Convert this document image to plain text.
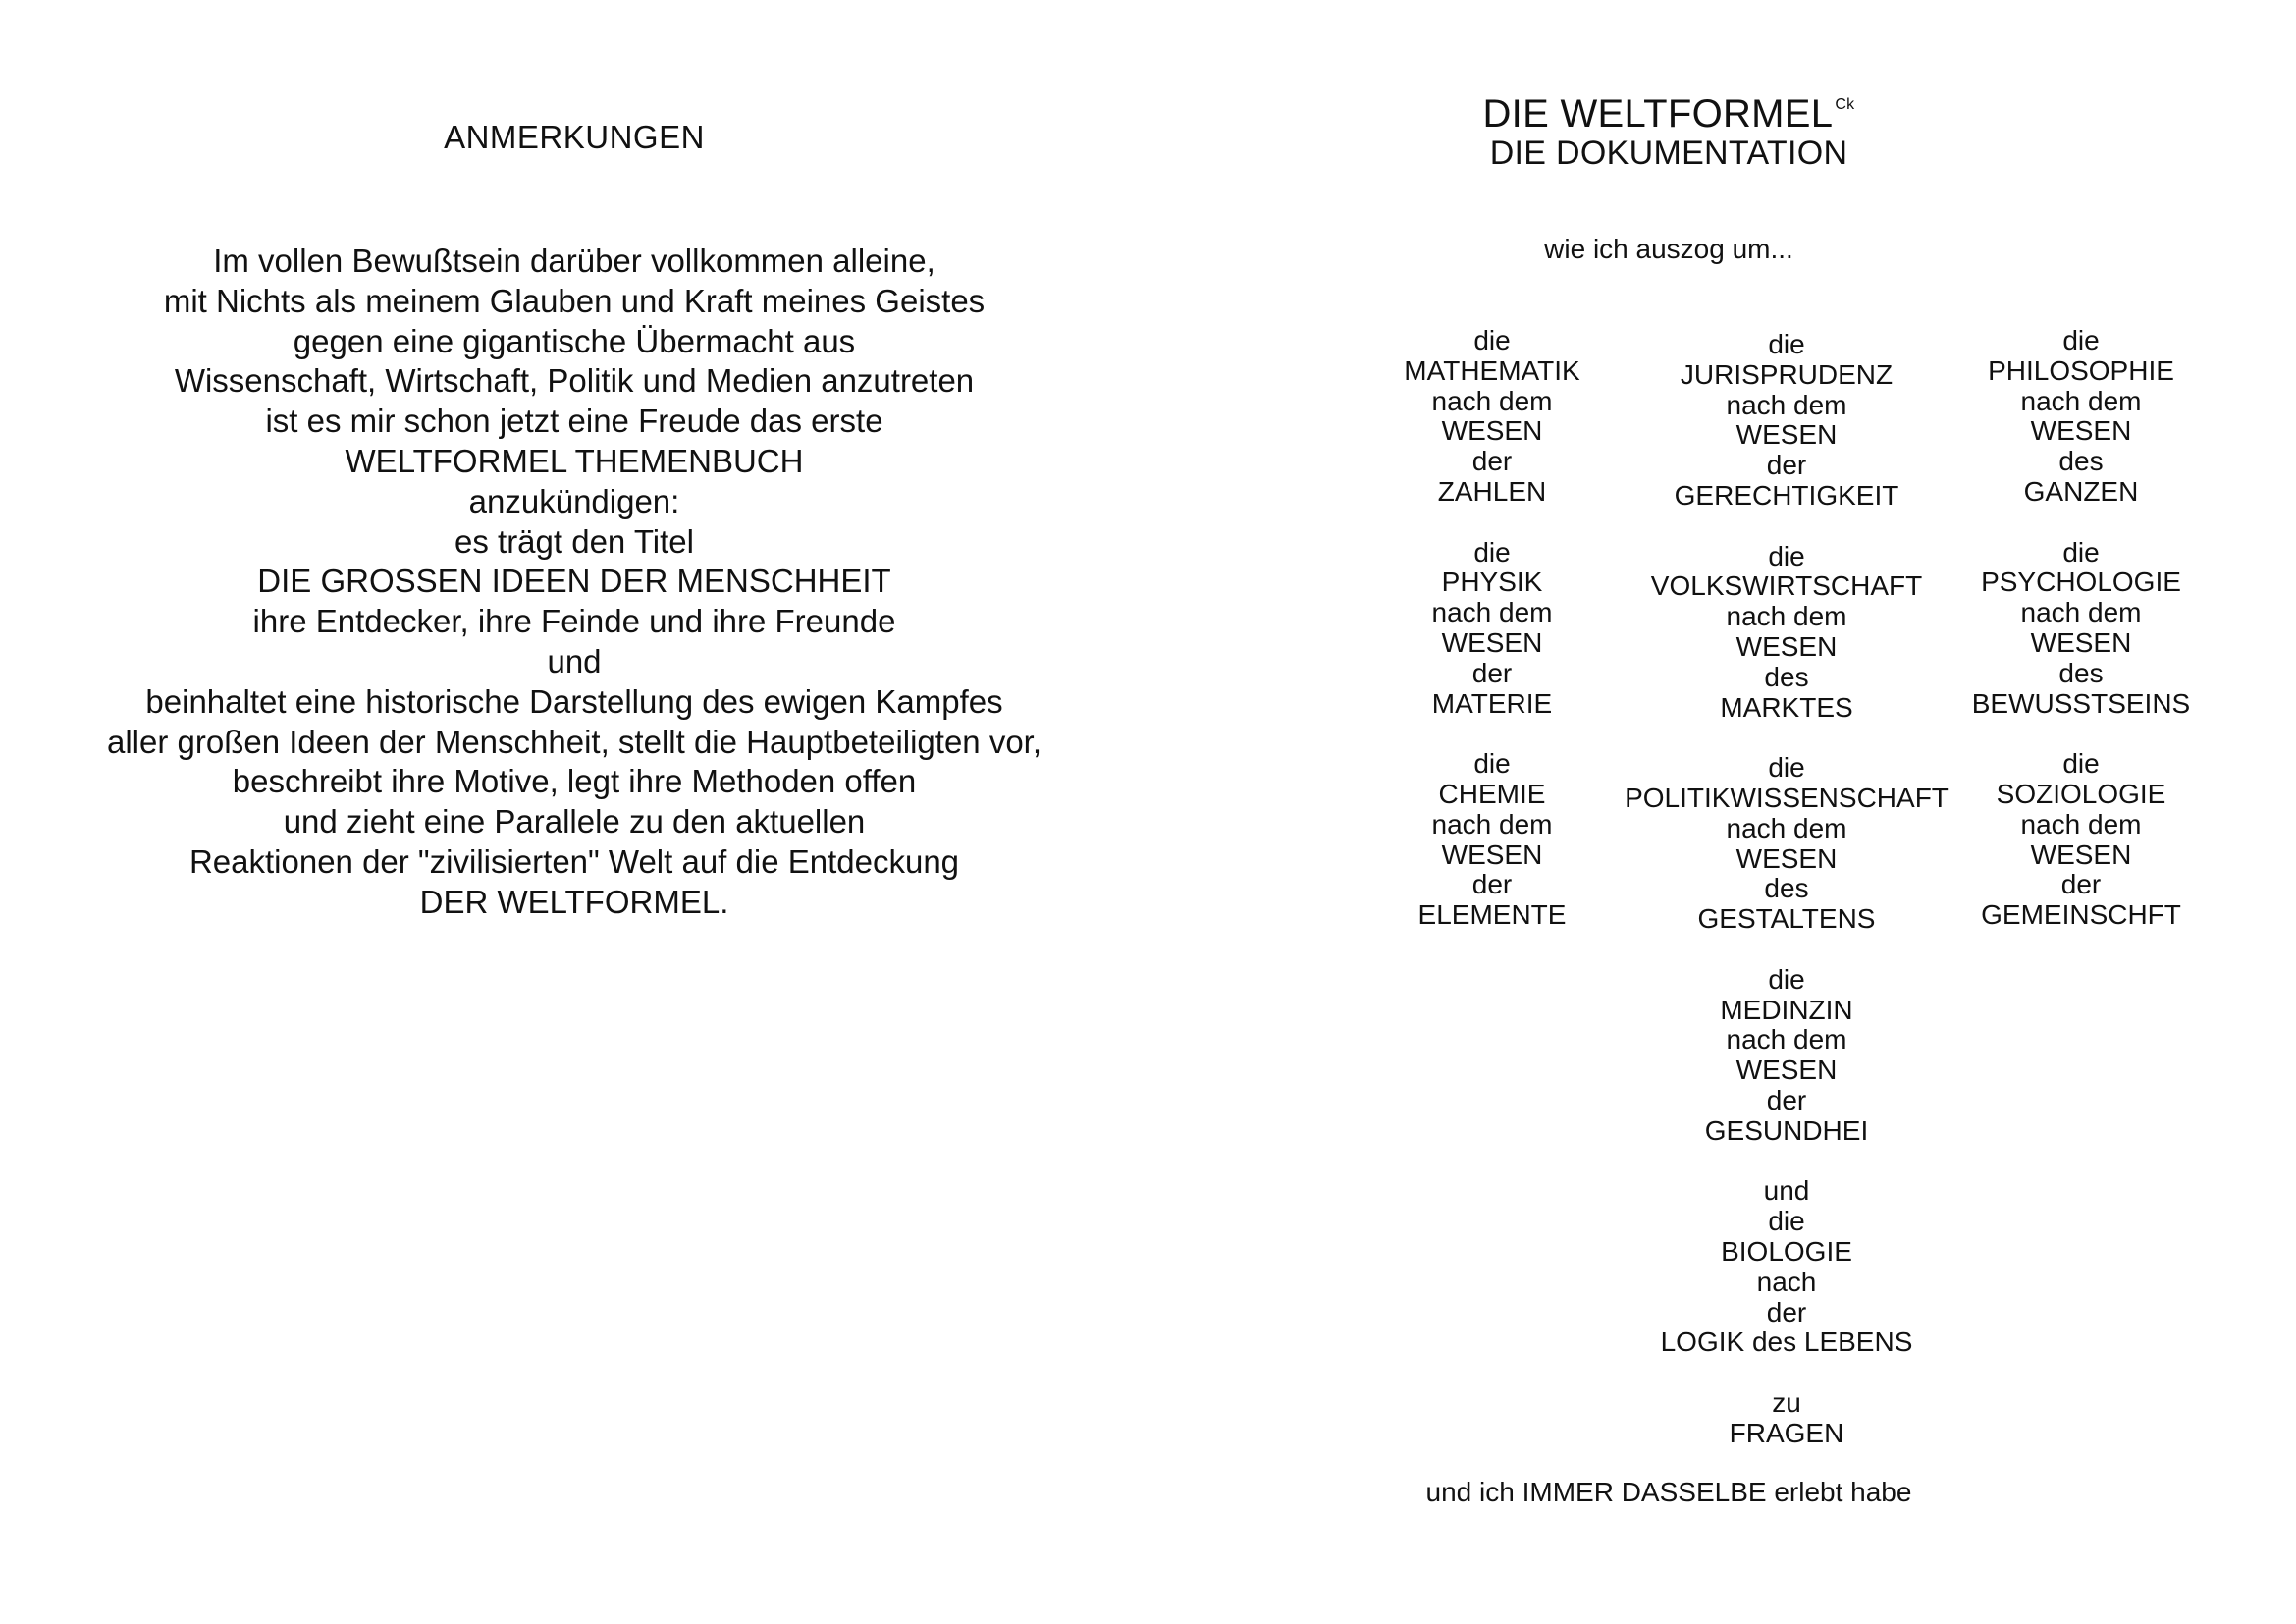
ANMERKUNGEN
Im vollen Bewußtsein darüber vollkommen alleine,
mit Nichts als meinem Glauben und Kraft meines Geistes
gegen eine gigantische Übermacht aus
Wissenschaft, Wirtschaft, Politik und Medien anzutreten
ist es mir schon jetzt eine Freude das erste
WELTFORMEL THEMENBUCH
anzukündigen:
es trägt den Titel
DIE GROSSEN IDEEN DER MENSCHHEIT
ihre Entdecker, ihre Feinde und ihre Freunde
und
beinhaltet eine historische Darstellung des ewigen Kampfes
aller großen Ideen der Menschheit, stellt die Hauptbeteiligten vor,
beschreibt ihre Motive, legt ihre Methoden offen
und zieht eine Parallele zu den aktuellen
Reaktionen der "zivilisierten" Welt auf die Entdeckung
DER WELTFORMEL.
DIE WELTFORMEL Ck
DIE DOKUMENTATION
wie ich auszog um...
die
MATHEMATIK
nach dem
WESEN
der
ZAHLEN
die
PHYSIK
nach dem
WESEN
der
MATERIE
die
CHEMIE
nach dem
WESEN
der
ELEMENTE
die
JURISPRUDENZ
nach dem
WESEN
der
GERECHTIGKEIT
die
VOLKSWIRTSCHAFT
nach dem
WESEN
des
MARKTES
die
POLITIKWISSENSCHAFT
nach dem
WESEN
des
GESTALTENS
die
MEDINZIN
nach dem
WESEN
der
GESUNDHEI
und
die
BIOLOGIE
nach
der
LOGIK des LEBENS
zu
FRAGEN
die
PHILOSOPHIE
nach dem
WESEN
des
GANZEN
die
PSYCHOLOGIE
nach dem
WESEN
des
BEWUSSTSEINS
die
SOZIOLOGIE
nach dem
WESEN
der
GEMEINSCHFT
und ich IMMER DASSELBE erlebt habe
